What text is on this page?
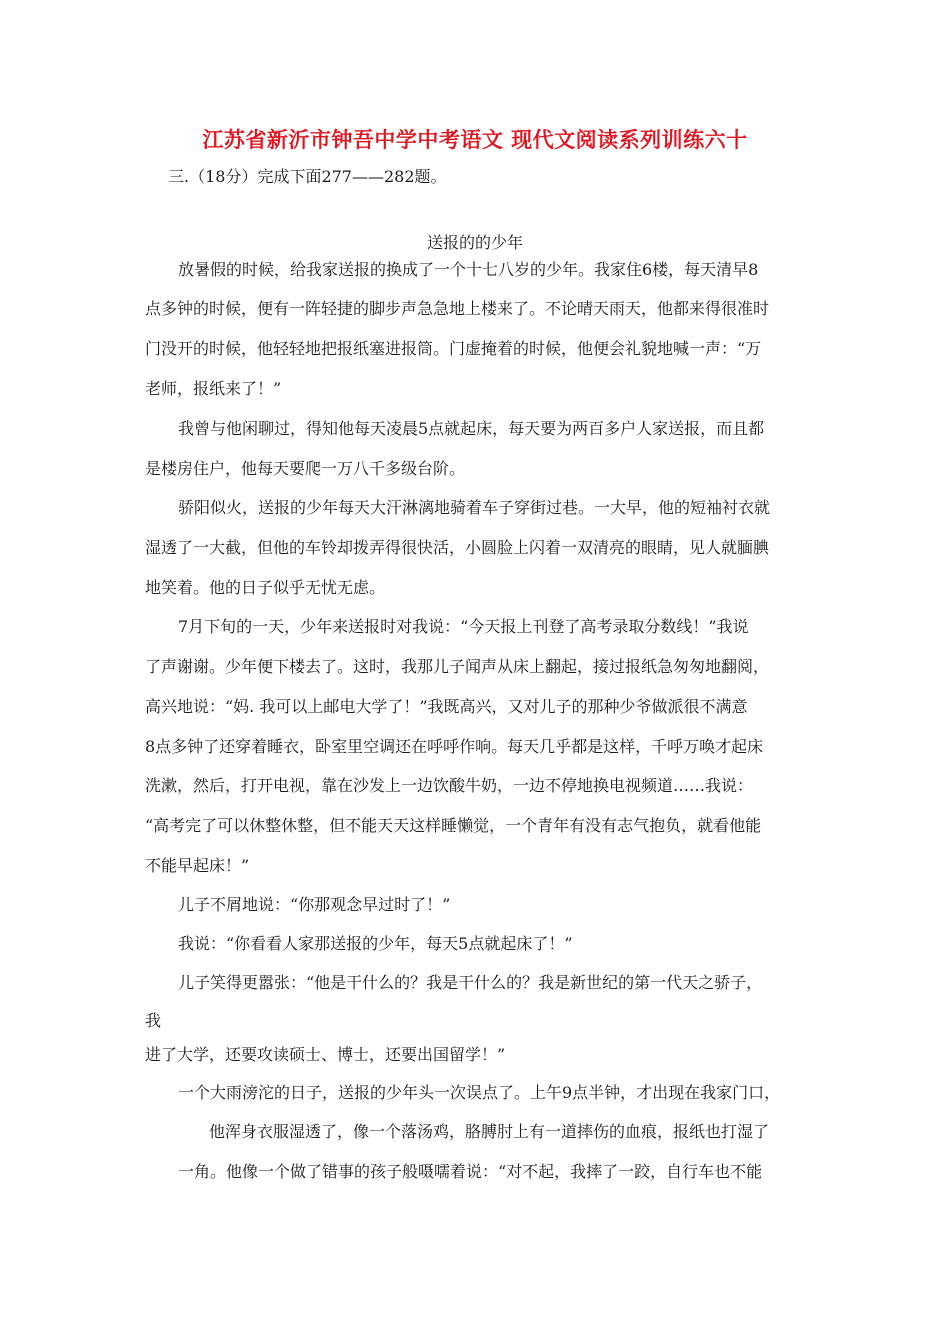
江苏省新沂市钟吾中学中考语文 现代文阅读系列训练六十
三.（18分）完成下面277——282题。
送报的的少年
放暑假的时候，给我家送报的换成了一个十七八岁的少年。我家住6楼，每天清早8
点多钟的时候，便有一阵轻捷的脚步声急急地上楼来了。不论晴天雨天，他都来得很准时
门没开的时候，他轻轻地把报纸塞进报筒。门虚掩着的时候，他便会礼貌地喊一声：“万
老师，报纸来了！”
我曾与他闲聊过，得知他每天凌晨5点就起床，每天要为两百多户人家送报，而且都
是楼房住户，他每天要爬一万八千多级台阶。
骄阳似火，送报的少年每天大汗淋漓地骑着车子穿街过巷。一大早，他的短袖衬衣就
湿透了一大截，但他的车铃却拨弄得很快活，小圆脸上闪着一双清亮的眼睛，见人就腼腆
地笑着。他的日子似乎无忧无虑。
7月下旬的一天，少年来送报时对我说：“今天报上刊登了高考录取分数线！”我说
了声谢谢。少年便下楼去了。这时，我那儿子闻声从床上翻起，接过报纸急匆匆地翻阅，
高兴地说：“妈. 我可以上邮电大学了！”我既高兴，又对儿子的那种少爷做派很不满意
8点多钟了还穿着睡衣，卧室里空调还在呼呼作响。每天几乎都是这样，千呼万唤才起床
洗漱，然后，打开电视，靠在沙发上一边饮酸牛奶，一边不停地换电视频道……我说：
“高考完了可以休整休整，但不能天天这样睡懒觉，一个青年有没有志气抱负，就看他能
不能早起床！”
儿子不屑地说：“你那观念早过时了！”
我说：“你看看人家那送报的少年，每天5点就起床了！”
儿子笑得更嚣张：“他是干什么的？我是干什么的？我是新世纪的第一代天之骄子，
我
进了大学，还要攻读硕士、博士，还要出国留学！”
一个大雨滂沱的日子，送报的少年头一次误点了。上午9点半钟，才出现在我家门口，
他浑身衣服湿透了，像一个落汤鸡，胳膊肘上有一道摔伤的血痕，报纸也打湿了
一角。他像一个做了错事的孩子般嗫嚅着说：“对不起，我摔了一跤，自行车也不能
